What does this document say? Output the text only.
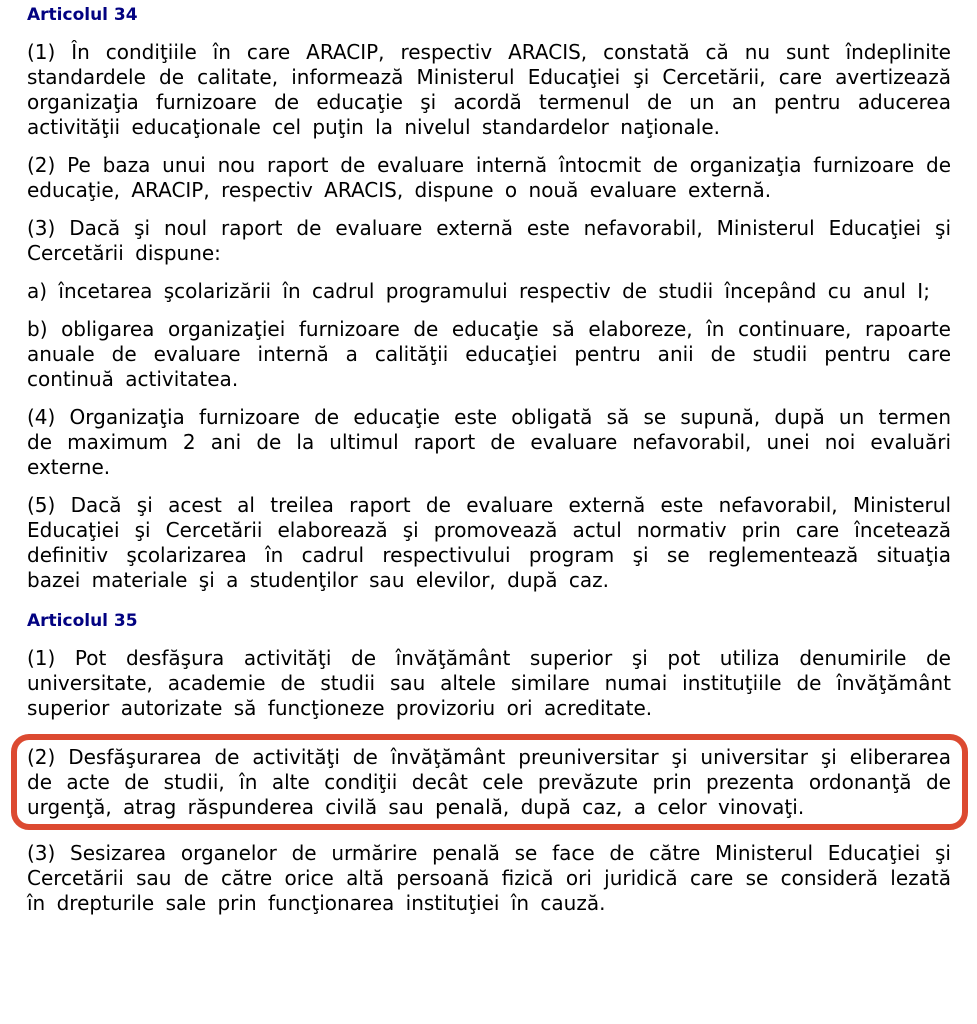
Articolul 34

(1) În condiţiile în care ARACIP, respectiv ARACIS, constată că nu sunt îndeplinite standardele de calitate, informează Ministerul Educaţiei şi Cercetării, care avertizează organizaţia furnizoare de educaţie şi acordă termenul de un an pentru aducerea activităţii educaţionale cel puţin la nivelul standardelor naţionale.

(2) Pe baza unui nou raport de evaluare internă întocmit de organizaţia furnizoare de educaţie, ARACIP, respectiv ARACIS, dispune o nouă evaluare externă.

(3) Dacă şi noul raport de evaluare externă este nefavorabil, Ministerul Educaţiei şi Cercetării dispune:

a) încetarea şcolarizării în cadrul programului respectiv de studii începând cu anul I;

b) obligarea organizaţiei furnizoare de educaţie să elaboreze, în continuare, rapoarte anuale de evaluare internă a calităţii educaţiei pentru anii de studii pentru care continuă activitatea.

(4) Organizaţia furnizoare de educaţie este obligată să se supună, după un termen de maximum 2 ani de la ultimul raport de evaluare nefavorabil, unei noi evaluări externe.

(5) Dacă şi acest al treilea raport de evaluare externă este nefavorabil, Ministerul Educaţiei şi Cercetării elaborează şi promovează actul normativ prin care încetează definitiv şcolarizarea în cadrul respectivului program şi se reglementează situaţia bazei materiale şi a studenţilor sau elevilor, după caz.

Articolul 35

(1) Pot desfăşura activităţi de învăţământ superior şi pot utiliza denumirile de universitate, academie de studii sau altele similare numai instituţiile de învăţământ superior autorizate să funcţioneze provizoriu ori acreditate.

(2) Desfăşurarea de activităţi de învăţământ preuniversitar şi universitar şi eliberarea de acte de studii, în alte condiţii decât cele prevăzute prin prezenta ordonanţă de urgenţă, atrag răspunderea civilă sau penală, după caz, a celor vinovaţi.

(3) Sesizarea organelor de urmărire penală se face de către Ministerul Educaţiei şi Cercetării sau de către orice altă persoană fizică ori juridică care se consideră lezată în drepturile sale prin funcţionarea instituţiei în cauză.
